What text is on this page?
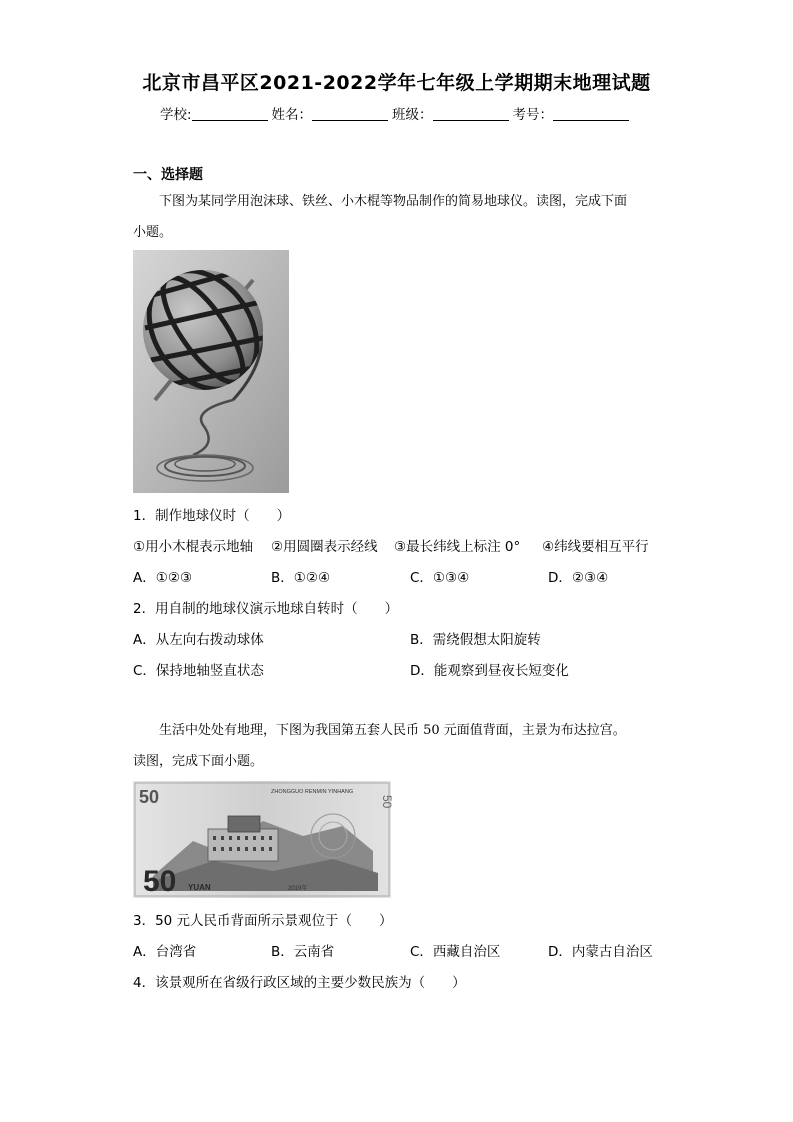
北京市昌平区2021-2022学年七年级上学期期末地理试题
学校:	姓名：	班级：	考号：
一、选择题
下图为某同学用泡沫球、铁丝、小木棍等物品制作的简易地球仪。读图，完成下面
小题。
1．制作地球仪时（　　）
①用小木棍表示地轴 ②用圆圈表示经线 ③最长纬线上标注 0° ④纬线要相互平行
A．①②③	B．①②④	C．①③④	D．②③④
2．用自制的地球仪演示地球自转时（　　）
A．从左向右拨动球体	B．需绕假想太阳旋转
C．保持地轴竖直状态	D．能观察到昼夜长短变化
生活中处处有地理，下图为我国第五套人民币 50 元面值背面，主景为布达拉宫。
读图，完成下面小题。
50	ZHONGGUO RENMIN YINHANG
50
50 YUAN	2019年
3．50 元人民币背面所示景观位于（　　）
A．台湾省	B．云南省	C．西藏自治区	D．内蒙古自治区
4．该景观所在省级行政区域的主要少数民族为（　　）
